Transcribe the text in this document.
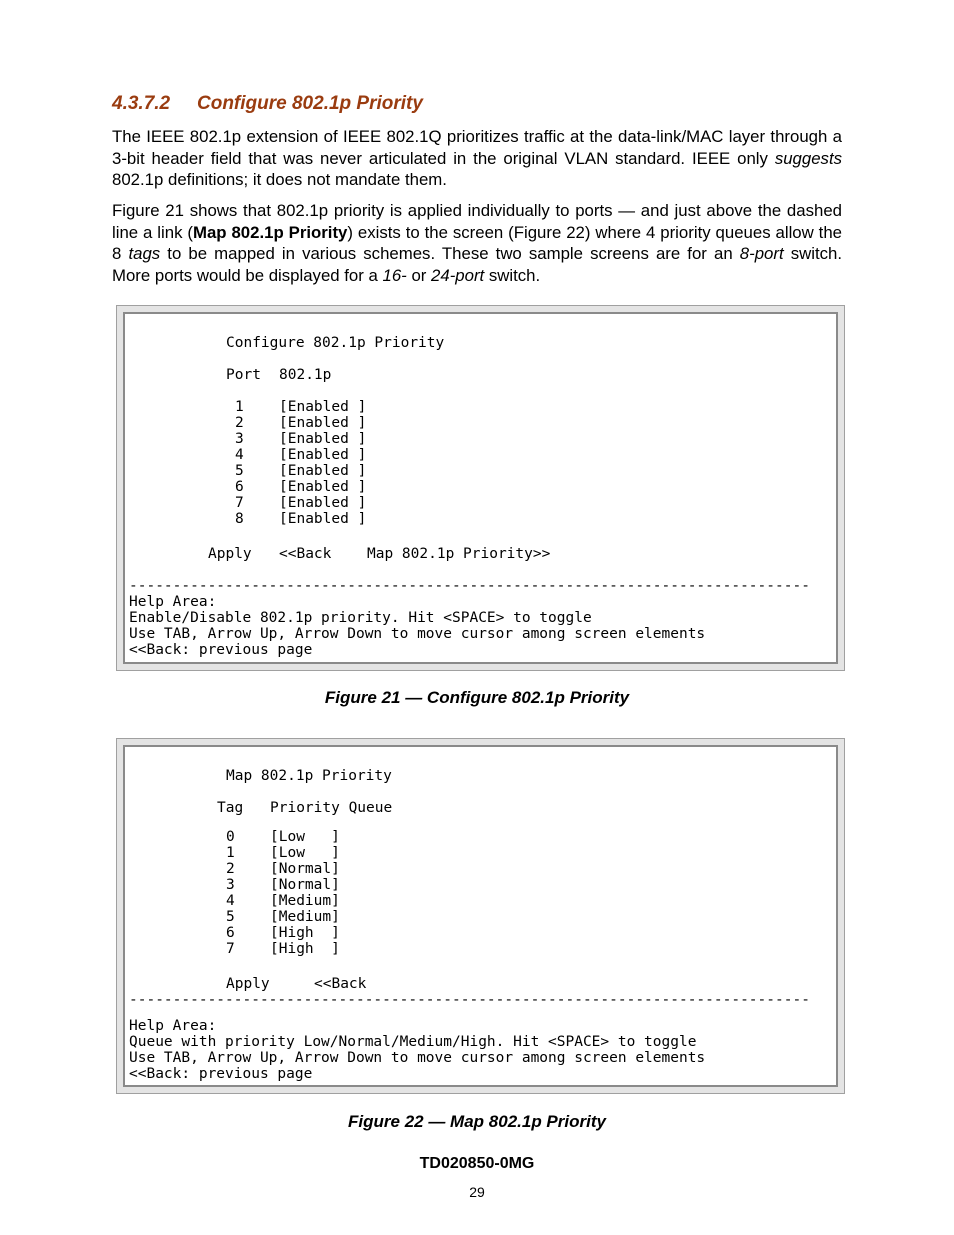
4.3.7.2 Configure 802.1p Priority
The IEEE 802.1p extension of IEEE 802.1Q prioritizes traffic at the data-link/MAC layer through a 3-bit header field that was never articulated in the original VLAN standard. IEEE only suggests 802.1p definitions; it does not mandate them.
Figure 21 shows that 802.1p priority is applied individually to ports — and just above the dashed line a link (Map 802.1p Priority) exists to the screen (Figure 22) where 4 priority queues allow the 8 tags to be mapped in various schemes. These two sample screens are for an 8-port switch. More ports would be displayed for a 16- or 24-port switch.
Configure 802.1p Priority
Port 802.1p
1 [Enabled ]
2 [Enabled ]
3 [Enabled ]
4 [Enabled ]
5 [Enabled ]
6 [Enabled ]
7 [Enabled ]
8 [Enabled ]
Apply <<Back Map 802.1p Priority>>
------------------------------------------------------------------------------
Help Area:
Enable/Disable 802.1p priority. Hit <SPACE> to toggle
Use TAB, Arrow Up, Arrow Down to move cursor among screen elements
<<Back: previous page
Figure 21 — Configure 802.1p Priority
Map 802.1p Priority
Tag Priority Queue
0 [Low   ]
1 [Low   ]
2 [Normal]
3 [Normal]
4 [Medium]
5 [Medium]
6 [High  ]
7 [High  ]
Apply	<<Back
------------------------------------------------------------------------------
Help Area:
Queue with priority Low/Normal/Medium/High. Hit <SPACE> to toggle
Use TAB, Arrow Up, Arrow Down to move cursor among screen elements
<<Back: previous page
Figure 22 — Map 802.1p Priority
TD020850-0MG
29
